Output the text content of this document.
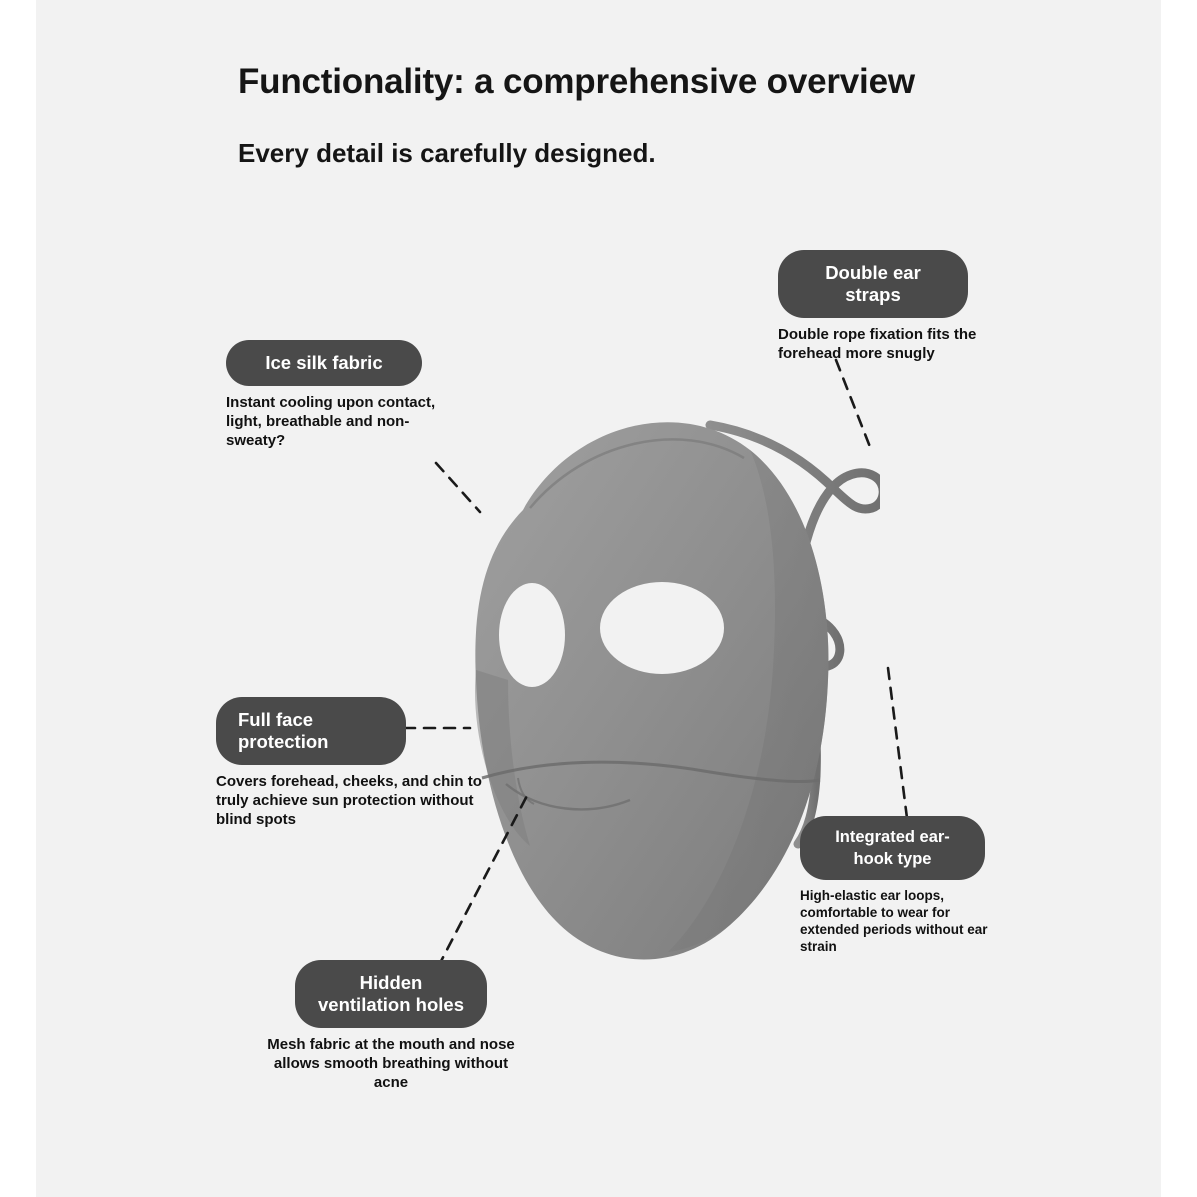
Functionality: a comprehensive overview
Every detail is carefully designed.
Ice silk fabric
Instant cooling upon contact, light, breathable and non-sweaty?
Double ear straps
Double rope fixation fits the forehead more snugly
Full face protection
Covers forehead, cheeks, and chin to truly achieve sun protection without blind spots
Integrated ear-hook type
High-elastic ear loops, comfortable to wear for extended periods without ear strain
Hidden ventilation holes
Mesh fabric at the mouth and nose allows smooth breathing without acne
